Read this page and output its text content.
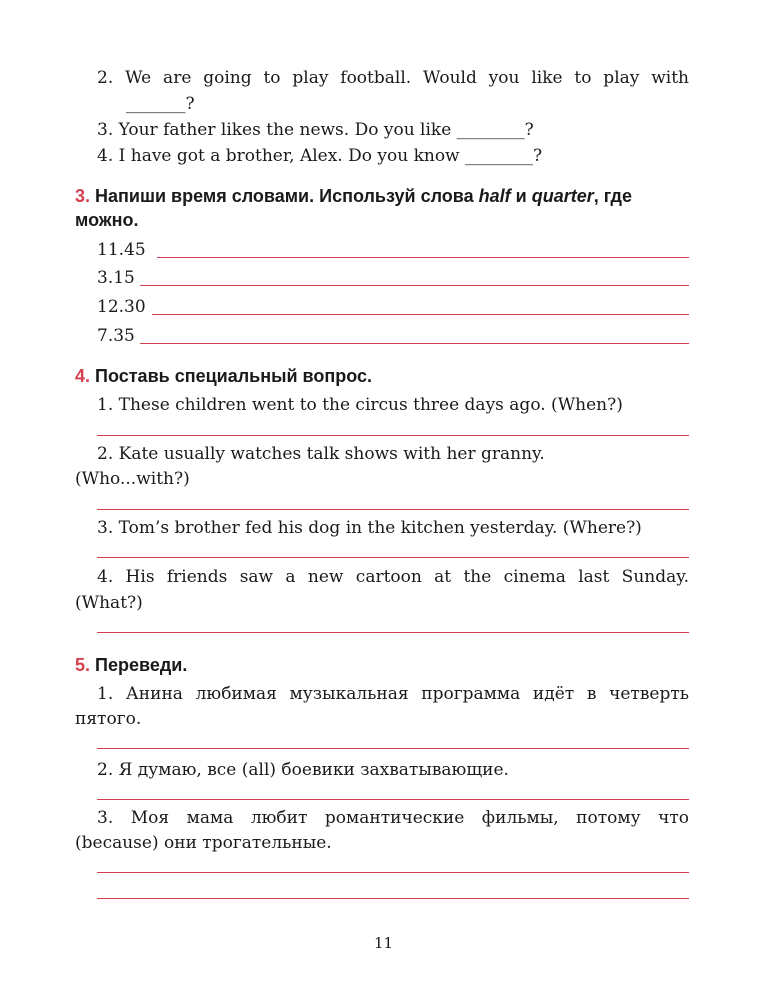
2. We are going to play football. Would you like to play with
_______?
3. Your father likes the news. Do you like ________?
4. I have got a brother, Alex. Do you know ________?
3. Напиши время словами. Используй слова half и quarter, где
можно.
11.45
3.15
12.30
7.35
4. Поставь специальный вопрос.
1. These children went to the circus three days ago. (When?)
2. Kate usually watches talk shows with her granny.
(Who...with?)
3. Tom’s brother fed his dog in the kitchen yesterday. (Where?)
4. His friends saw a new cartoon at the cinema last Sunday.
(What?)
5. Переведи.
1. Анина любимая музыкальная программа идёт в четверть
пятого.
2. Я думаю, все (all) боевики захватывающие.
3. Моя мама любит романтические фильмы, потому что
(because) они трогательные.
11
